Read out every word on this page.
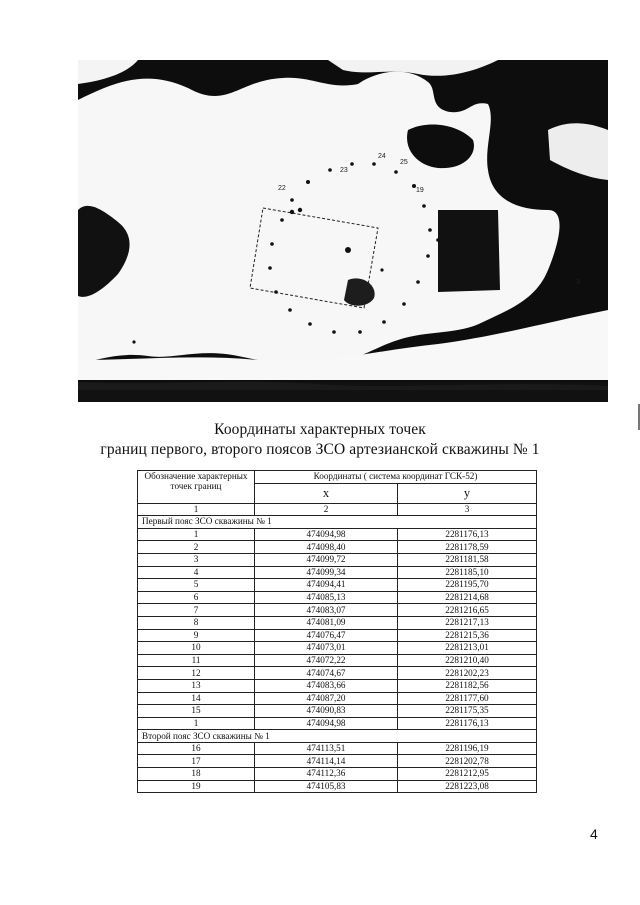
22
23
24
25
19
3
Координаты характерных точек
границ первого, второго поясов ЗСО артезианской скважины № 1
Обозначение характерных точек границ	Координаты ( система координат ГСК-52)	
	x	y
1	2	3
Первый пояс ЗСО скважины № 1		
1	474094,98	2281176,13
2	474098,40	2281178,59
3	474099,72	2281181,58
4	474099,34	2281185,10
5	474094,41	2281195,70
6	474085,13	2281214,68
7	474083,07	2281216,65
8	474081,09	2281217,13
9	474076,47	2281215,36
10	474073,01	2281213,01
11	474072,22	2281210,40
12	474074,67	2281202,23
13	474083,66	2281182,56
14	474087,20	2281177,60
15	474090,83	2281175,35
1	474094,98	2281176,13
Второй пояс ЗСО скважины № 1		
16	474113,51	2281196,19
17	474114,14	2281202,78
18	474112,36	2281212,95
19	474105,83	2281223,08
4
